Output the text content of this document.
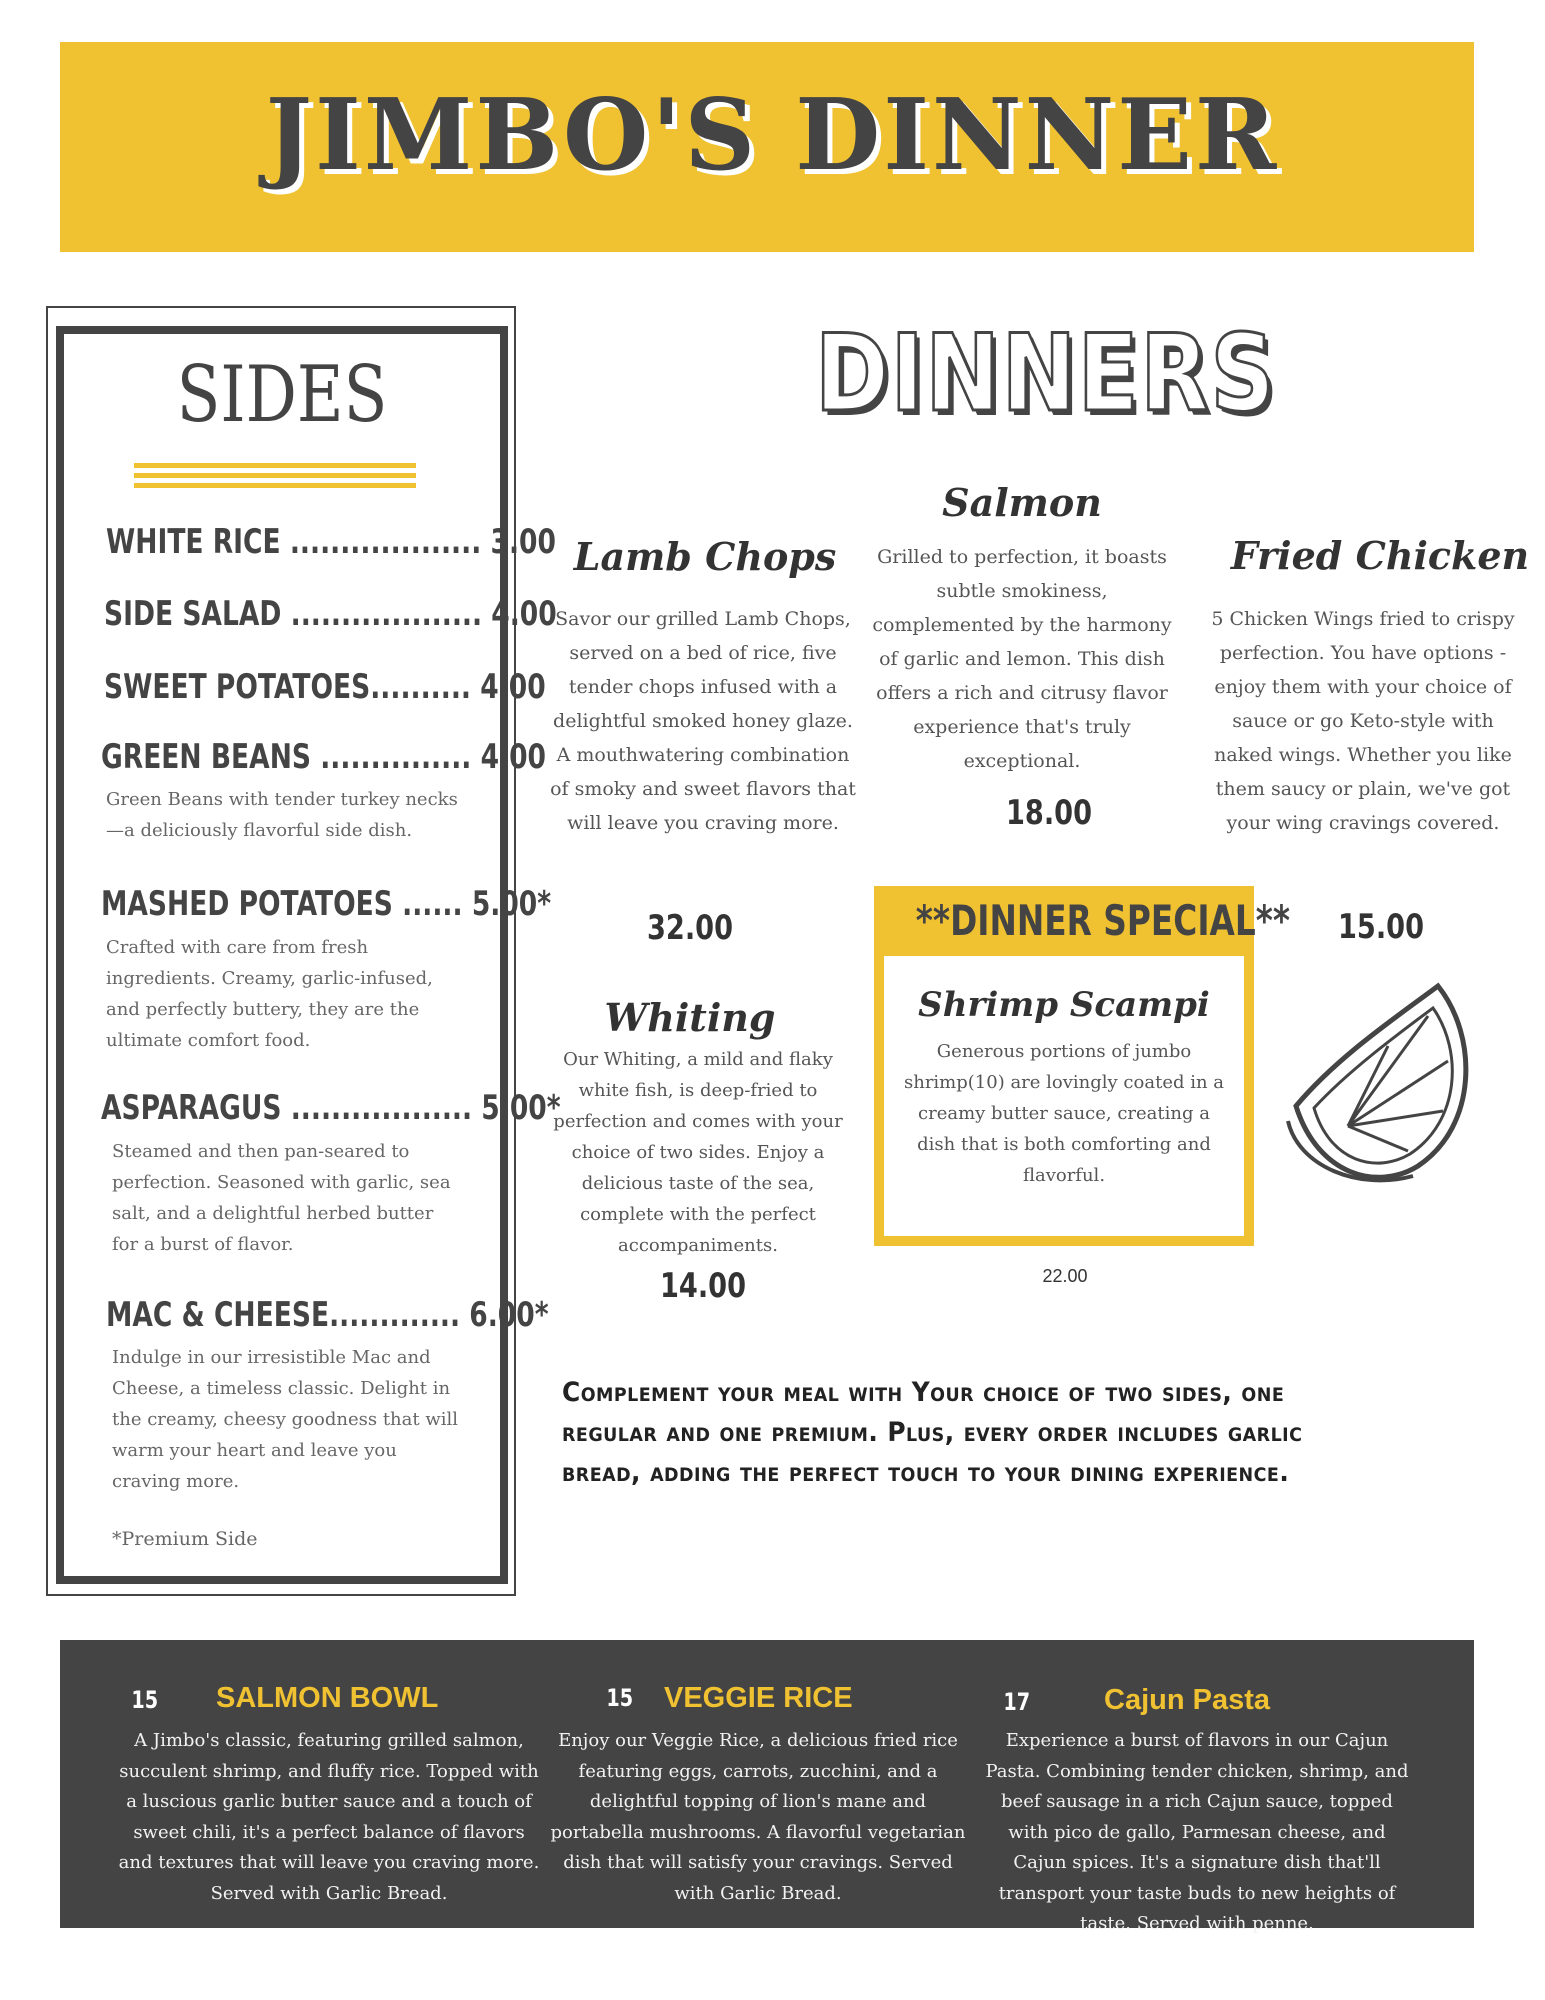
JIMBO'S DINNER
SIDES
WHITE RICE ................... 3.00
SIDE SALAD ................... 4.00
SWEET POTATOES.......... 4.00
GREEN BEANS ............... 4.00
Green Beans with tender turkey necks—a deliciously flavorful side dish.
MASHED POTATOES ...... 5.00*
Crafted with care from fresh ingredients. Creamy, garlic-infused, and perfectly buttery, they are the ultimate comfort food.
ASPARAGUS .................. 5.00*
Steamed and then pan-seared to perfection. Seasoned with garlic, sea salt, and a delightful herbed butter for a burst of flavor.
MAC & CHEESE............. 6.00*
Indulge in our irresistible Mac and Cheese, a timeless classic. Delight in the creamy, cheesy goodness that will warm your heart and leave you craving more.
*Premium Side
DINNERS
Lamb Chops
Savor our grilled Lamb Chops, served on a bed of rice, five tender chops infused with a delightful smoked honey glaze. A mouthwatering combination of smoky and sweet flavors that will leave you craving more.
32.00
Salmon
Grilled to perfection, it boasts subtle smokiness, complemented by the harmony of garlic and lemon. This dish offers a rich and citrusy flavor experience that's truly exceptional.
18.00
Fried Chicken
5 Chicken Wings fried to crispy perfection. You have options - enjoy them with your choice of sauce or go Keto-style with naked wings. Whether you like them saucy or plain, we've got your wing cravings covered.
15.00
Whiting
Our Whiting, a mild and flaky white fish, is deep-fried to perfection and comes with your choice of two sides. Enjoy a delicious taste of the sea, complete with the perfect accompaniments.
14.00
**DINNER SPECIAL**
Shrimp Scampi
Generous portions of jumbo shrimp(10) are lovingly coated in a creamy butter sauce, creating a dish that is both comforting and flavorful.
22.00
Complement your meal with Your choice of two sides, one regular and one premium. Plus, every order includes garlic bread, adding the perfect touch to your dining experience.
15 SALMON BOWL
A Jimbo's classic, featuring grilled salmon, succulent shrimp, and fluffy rice. Topped with a luscious garlic butter sauce and a touch of sweet chili, it's a perfect balance of flavors and textures that will leave you craving more. Served with Garlic Bread.
15 VEGGIE RICE
Enjoy our Veggie Rice, a delicious fried rice featuring eggs, carrots, zucchini, and a delightful topping of lion's mane and portabella mushrooms. A flavorful vegetarian dish that will satisfy your cravings. Served with Garlic Bread.
17	Cajun Pasta
Experience a burst of flavors in our Cajun Pasta. Combining tender chicken, shrimp, and beef sausage in a rich Cajun sauce, topped with pico de gallo, Parmesan cheese, and Cajun spices. It's a signature dish that'll transport your taste buds to new heights of taste. Served with penne.
